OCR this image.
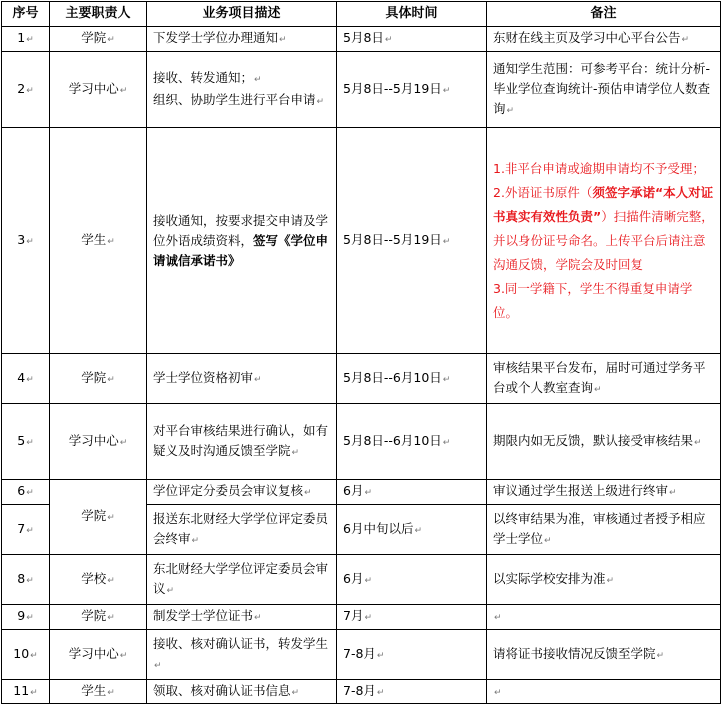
序号	主要职责人	业务项目描述	具体时间	备注
1↵	学院↵	下发学士学位办理通知↵	5月8日↵	东财在线主页及学习中心平台公告↵
2↵	学习中心↵	接收、转发通知；↵
组织、协助学生进行平台申请↵	5月8日--5月19日↵	通知学生范围：可参考平台：统计分析-毕业学位查询统计-预估申请学位人数查询↵
3↵	学生↵	接收通知，按要求提交申请及学位外语成绩资料，签写《学位申请诚信承诺书》	5月8日--5月19日↵	1.非平台申请或逾期申请均不予受理；
2.外语证书原件（须签字承诺“本人对证书真实有效性负责”）扫描件清晰完整，并以身份证号命名。上传平台后请注意沟通反馈，学院会及时回复
3.同一学籍下，学生不得重复申请学位。
4↵	学院↵	学士学位资格初审↵	5月8日--6月10日↵	审核结果平台发布，届时可通过学务平台或个人教室查询↵
5↵	学习中心↵	对平台审核结果进行确认，如有疑义及时沟通反馈至学院↵	5月8日--6月10日↵	期限内如无反馈，默认接受审核结果↵
6↵	学院↵	学位评定分委员会审议复核↵	6月↵	审议通过学生报送上级进行终审↵
7↵		报送东北财经大学学位评定委员会终审↵	6月中旬以后↵	以终审结果为准，审核通过者授予相应学士学位↵
8↵	学校↵	东北财经大学学位评定委员会审议↵	6月↵	以实际学校安排为准↵
9↵	学院↵	制发学士学位证书↵	7月↵	↵
10↵	学习中心↵	接收、核对确认证书，转发学生↵	7-8月↵	请将证书接收情况反馈至学院↵
11↵	学生↵	领取、核对确认证书信息↵	7-8月↵	↵
